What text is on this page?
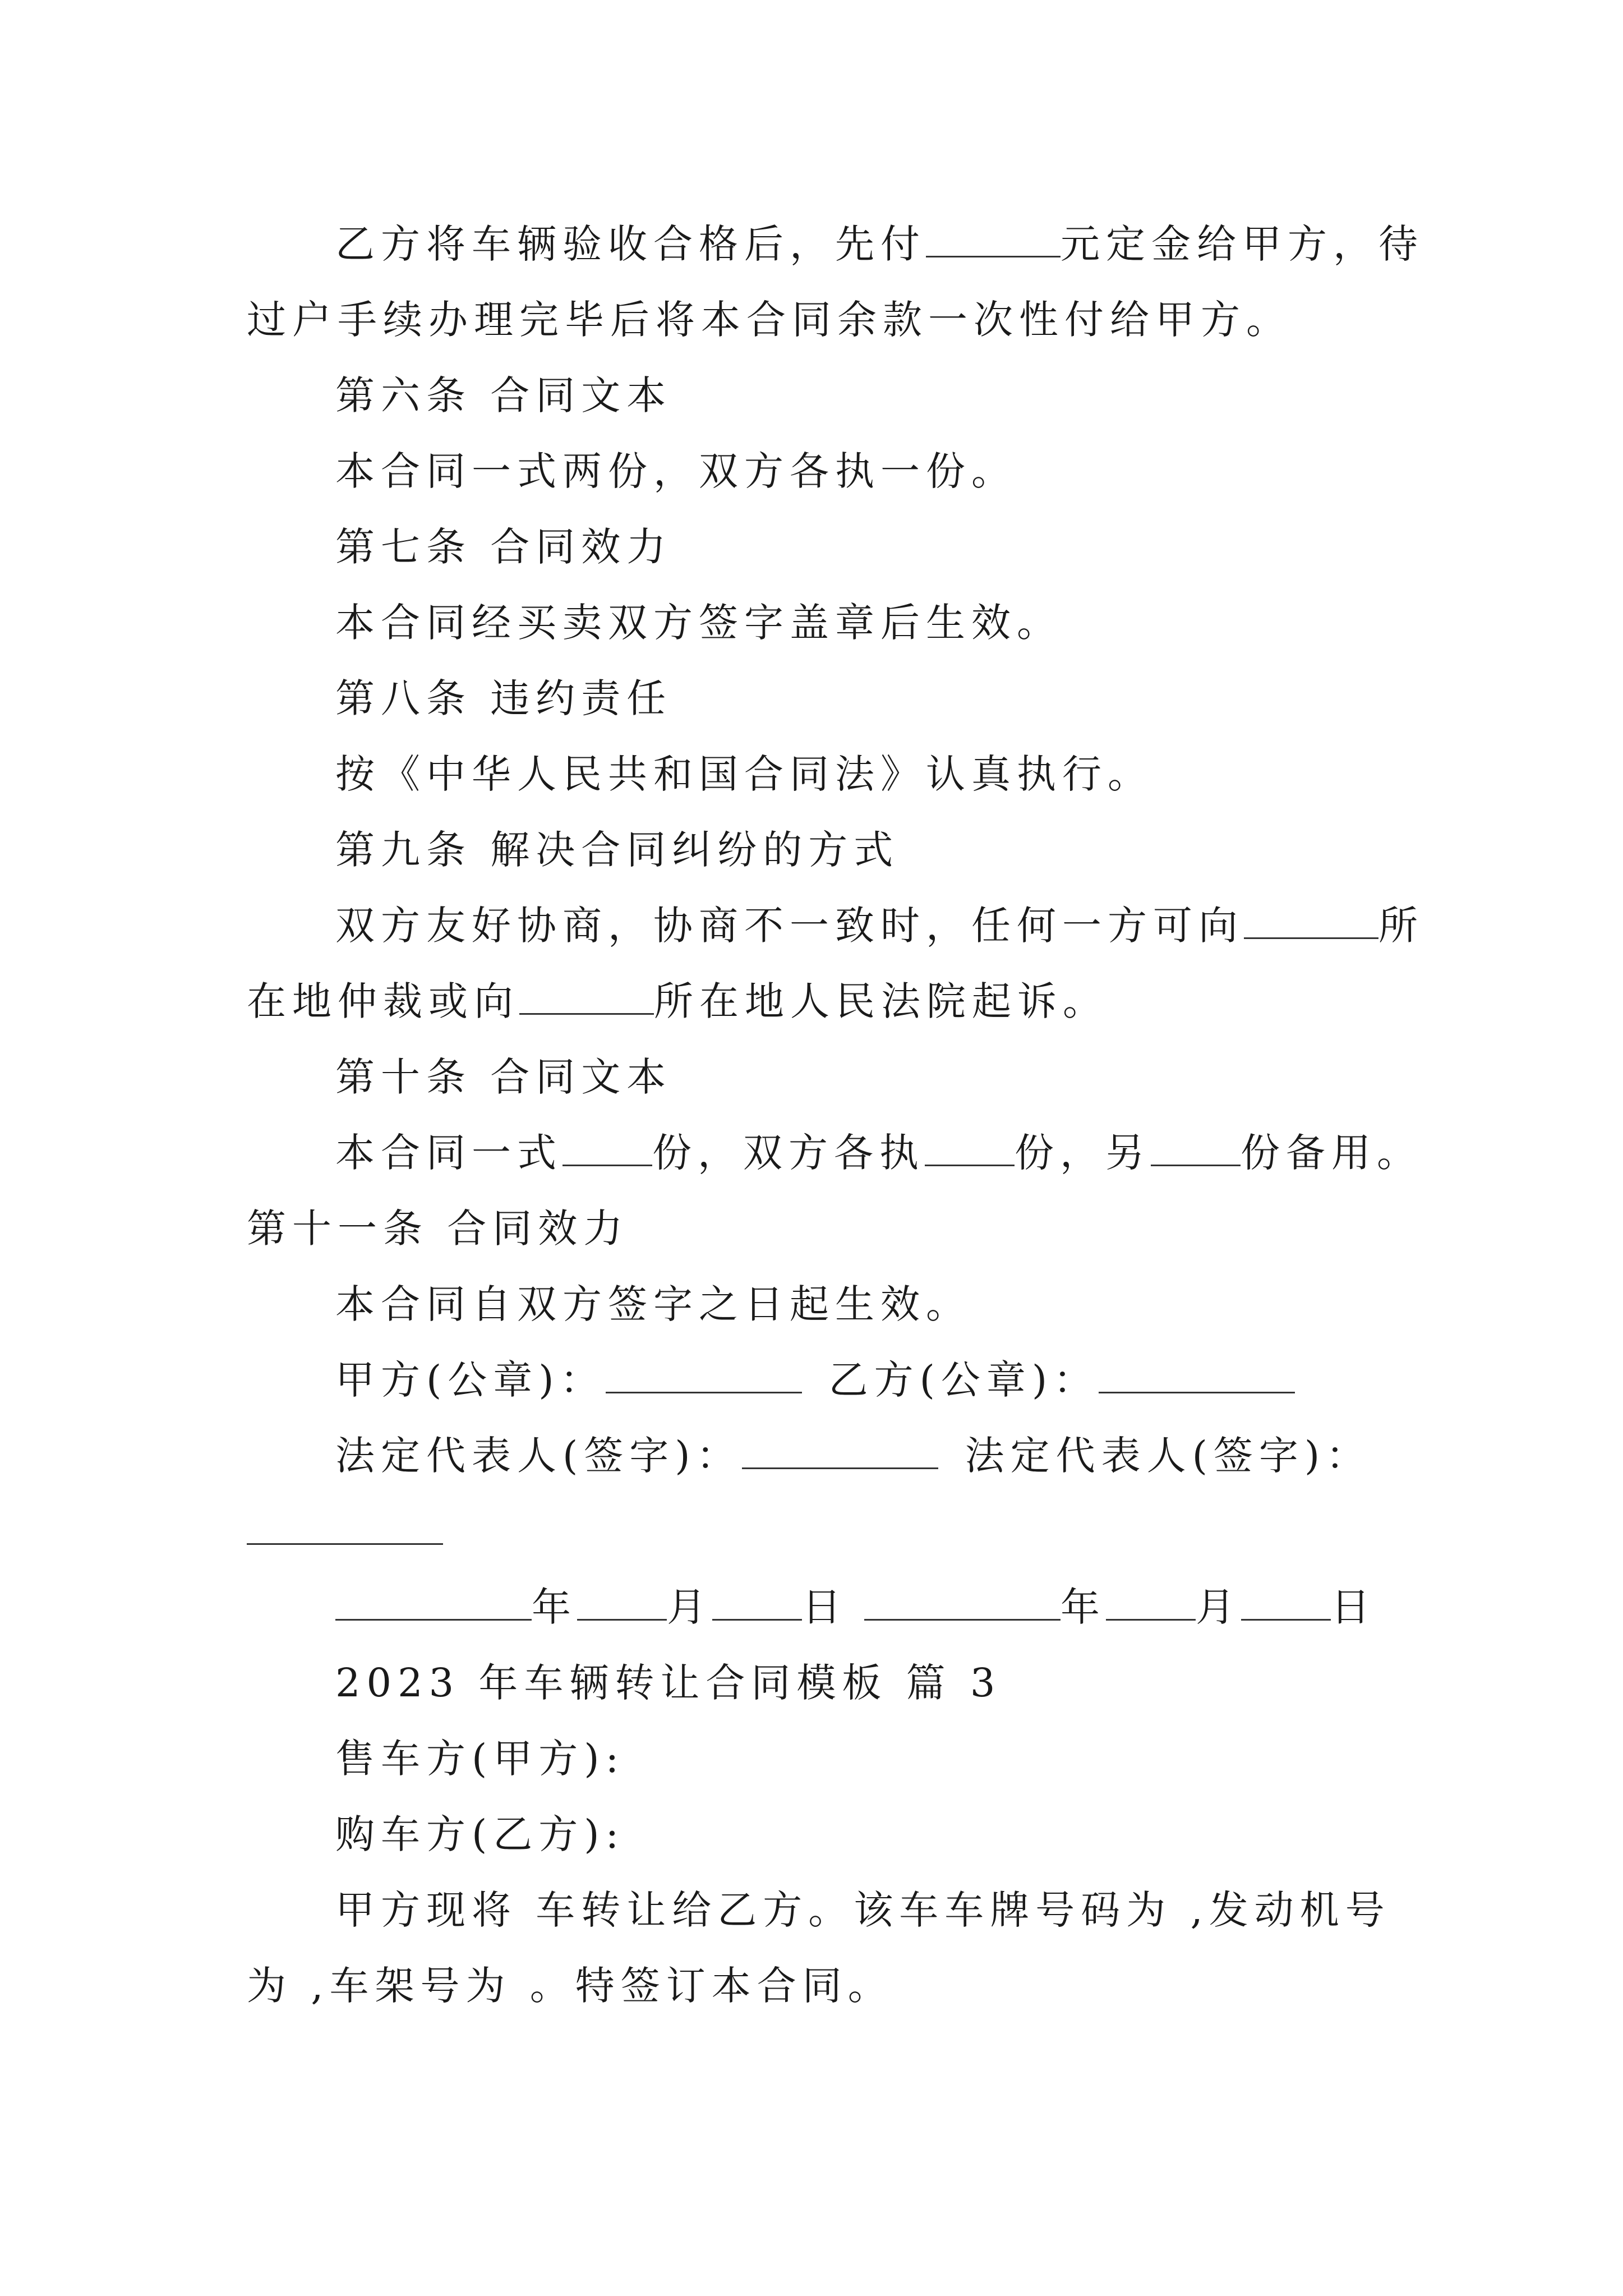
乙方将车辆验收合格后，先付	元定金给甲方，待
过户手续办理完毕后将本合同余款一次性付给甲方。
第六条 合同文本
本合同一式两份，双方各执一份。
第七条 合同效力
本合同经买卖双方签字盖章后生效。
第八条 违约责任
按《中华人民共和国合同法》认真执行。
第九条 解决合同纠纷的方式
双方友好协商，协商不一致时，任何一方可向	所
在地仲裁或向	所在地人民法院起诉。
第十条 合同文本
本合同一式 份，双方各执 份，另 份备用。
第十一条 合同效力
本合同自双方签字之日起生效。
甲方(公章)：	乙方(公章)：
法定代表人(签字)：	法定代表人(签字)：
年 月 日	年 月 日
2023 年车辆转让合同模板 篇 3
售车方(甲方):
购车方(乙方):
甲方现将 车转让给乙方。该车车牌号码为 ,发动机号
为 ,车架号为 。特签订本合同。
